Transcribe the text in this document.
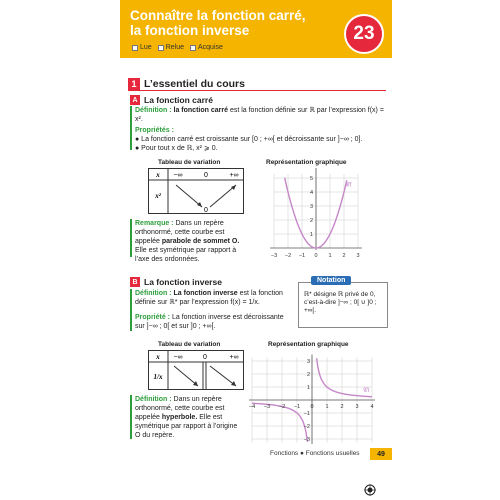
Connaître la fonction carré,
la fonction inverse
Lue Relue Acquise
23
1 L’essentiel du cours
A La fonction carré
Définition : la fonction carré est la fonction définie sur ℝ par l’expression f(x) = x².
Propriétés :
● La fonction carré est croissante sur [0 ; +∞[ et décroissante sur ]−∞ ; 0].
● Pour tout x de ℝ, x² ⩾ 0.
Tableau de variation	Représentation graphique
x −∞	0	+∞
x²
0
−3 −2 −1 0 1 2 3
5
4
3
2
1
𝒞f
Remarque : Dans un repère orthonormé, cette courbe est appelée parabole de sommet O. Elle est symétrique par rapport à l’axe des ordonnées.
B La fonction inverse
Définition : La fonction inverse est la fonction définie sur ℝ* par l’expression f(x) = 1/x.
Propriété : La fonction inverse est décroissante sur ]−∞ ; 0[ et sur ]0 ; +∞[.
Notation
ℝ* désigne ℝ privé de 0, c’est-à-dire ]−∞ ; 0[ ∪ ]0 ; +∞[.
Tableau de variation	Représentation graphique
x −∞	0	+∞
1/x
−4 −3 −2 −1 0 1 2 3 4
3
2
1
−1
−2
−3
𝒞f
Définition : Dans un repère orthonormé, cette courbe est appelée hyperbole. Elle est symétrique par rapport à l’origine O du repère.
Fonctions ● Fonctions usuelles	49
